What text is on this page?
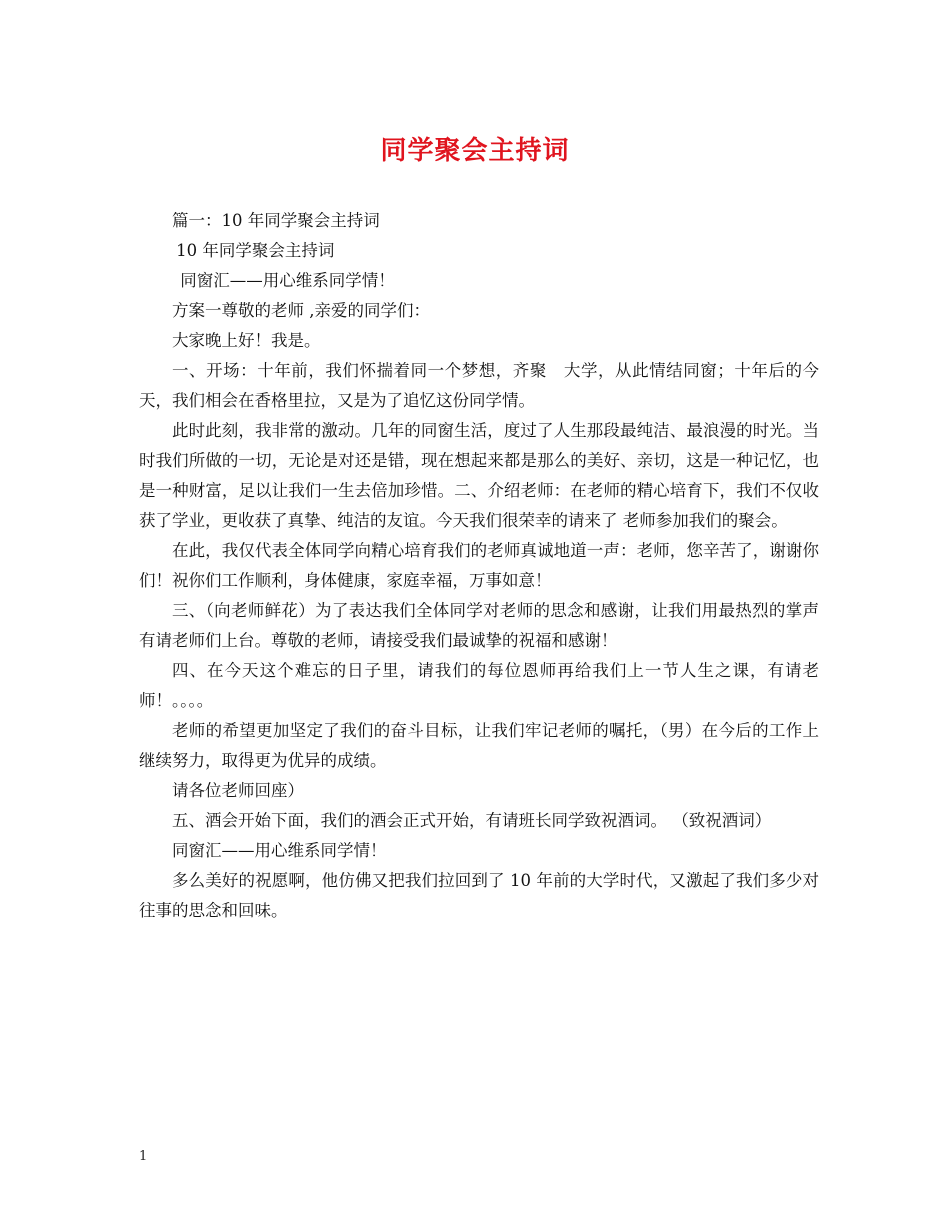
同学聚会主持词

篇一：10 年同学聚会主持词

10 年同学聚会主持词

同窗汇——用心维系同学情！

方案一尊敬的老师 ,亲爱的同学们：

大家晚上好！我是。

一、开场：十年前，我们怀揣着同一个梦想，齐聚　大学，从此情结同窗；十年后的今天，我们相会在香格里拉，又是为了追忆这份同学情。

此时此刻，我非常的激动。几年的同窗生活，度过了人生那段最纯洁、最浪漫的时光。当时我们所做的一切，无论是对还是错，现在想起来都是那么的美好、亲切，这是一种记忆，也是一种财富，足以让我们一生去倍加珍惜。二、介绍老师：在老师的精心培育下，我们不仅收获了学业，更收获了真挚、纯洁的友谊。今天我们很荣幸的请来了 老师参加我们的聚会。

在此，我仅代表全体同学向精心培育我们的老师真诚地道一声：老师，您辛苦了，谢谢你们！祝你们工作顺利，身体健康，家庭幸福，万事如意！

三、（向老师鲜花）为了表达我们全体同学对老师的思念和感谢，让我们用最热烈的掌声有请老师们上台。尊敬的老师，请接受我们最诚挚的祝福和感谢！

四、在今天这个难忘的日子里，请我们的每位恩师再给我们上一节人生之课，有请老师！。。。。

老师的希望更加坚定了我们的奋斗目标，让我们牢记老师的嘱托，（男）在今后的工作上继续努力，取得更为优异的成绩。

请各位老师回座）

五、酒会开始下面，我们的酒会正式开始，有请班长同学致祝酒词。 （致祝酒词）

同窗汇——用心维系同学情！

多么美好的祝愿啊，他仿佛又把我们拉回到了 10 年前的大学时代，又激起了我们多少对往事的思念和回味。

1
